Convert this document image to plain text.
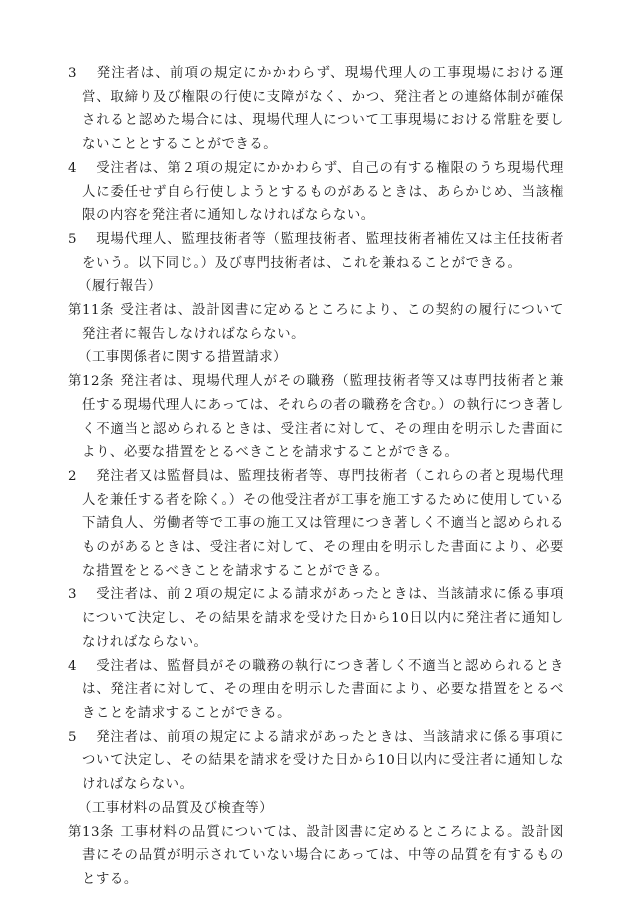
3 発注者は、前項の規定にかかわらず、現場代理人の工事現場における運営、取締り及び権限の行使に支障がなく、かつ、発注者との連絡体制が確保されると認めた場合には、現場代理人について工事現場における常駐を要しないこととすることができる。

4 受注者は、第２項の規定にかかわらず、自己の有する権限のうち現場代理人に委任せず自ら行使しようとするものがあるときは、あらかじめ、当該権限の内容を発注者に通知しなければならない。

5 現場代理人、監理技術者等（監理技術者、監理技術者補佐又は主任技術者をいう。以下同じ。）及び専門技術者は、これを兼ねることができる。

（履行報告）

第11条 受注者は、設計図書に定めるところにより、この契約の履行について発注者に報告しなければならない。

（工事関係者に関する措置請求）

第12条 発注者は、現場代理人がその職務（監理技術者等又は専門技術者と兼任する現場代理人にあっては、それらの者の職務を含む。）の執行につき著しく不適当と認められるときは、受注者に対して、その理由を明示した書面により、必要な措置をとるべきことを請求することができる。

2 発注者又は監督員は、監理技術者等、専門技術者（これらの者と現場代理人を兼任する者を除く。）その他受注者が工事を施工するために使用している下請負人、労働者等で工事の施工又は管理につき著しく不適当と認められるものがあるときは、受注者に対して、その理由を明示した書面により、必要な措置をとるべきことを請求することができる。

3 受注者は、前２項の規定による請求があったときは、当該請求に係る事項について決定し、その結果を請求を受けた日から10日以内に発注者に通知しなければならない。

4 受注者は、監督員がその職務の執行につき著しく不適当と認められるときは、発注者に対して、その理由を明示した書面により、必要な措置をとるべきことを請求することができる。

5 発注者は、前項の規定による請求があったときは、当該請求に係る事項について決定し、その結果を請求を受けた日から10日以内に受注者に通知しなければならない。

（工事材料の品質及び検査等）

第13条 工事材料の品質については、設計図書に定めるところによる。設計図書にその品質が明示されていない場合にあっては、中等の品質を有するものとする。
